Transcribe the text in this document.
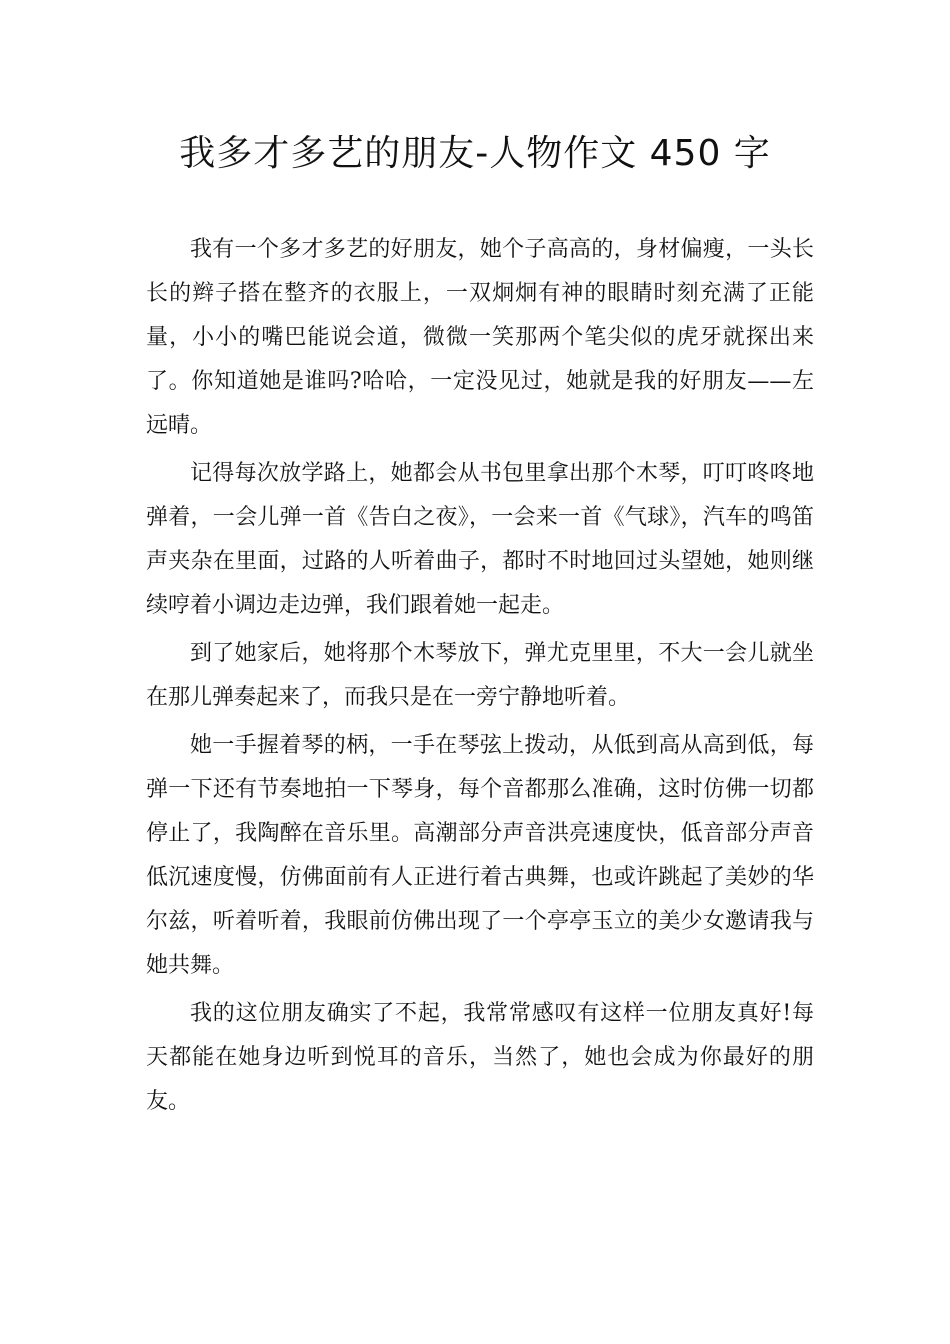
我多才多艺的朋友-人物作文 450 字

我有一个多才多艺的好朋友，她个子高高的，身材偏瘦，一头长长的辫子搭在整齐的衣服上，一双炯炯有神的眼睛时刻充满了正能量，小小的嘴巴能说会道，微微一笑那两个笔尖似的虎牙就探出来了。你知道她是谁吗?哈哈，一定没见过，她就是我的好朋友——左远晴。

记得每次放学路上，她都会从书包里拿出那个木琴，叮叮咚咚地弹着，一会儿弹一首《告白之夜》，一会来一首《气球》，汽车的鸣笛声夹杂在里面，过路的人听着曲子，都时不时地回过头望她，她则继续哼着小调边走边弹，我们跟着她一起走。

到了她家后，她将那个木琴放下，弹尤克里里，不大一会儿就坐在那儿弹奏起来了，而我只是在一旁宁静地听着。

她一手握着琴的柄，一手在琴弦上拨动，从低到高从高到低，每弹一下还有节奏地拍一下琴身，每个音都那么准确，这时仿佛一切都停止了，我陶醉在音乐里。高潮部分声音洪亮速度快，低音部分声音低沉速度慢，仿佛面前有人正进行着古典舞，也或许跳起了美妙的华尔兹，听着听着，我眼前仿佛出现了一个亭亭玉立的美少女邀请我与她共舞。

我的这位朋友确实了不起，我常常感叹有这样一位朋友真好!每天都能在她身边听到悦耳的音乐，当然了，她也会成为你最好的朋友。
